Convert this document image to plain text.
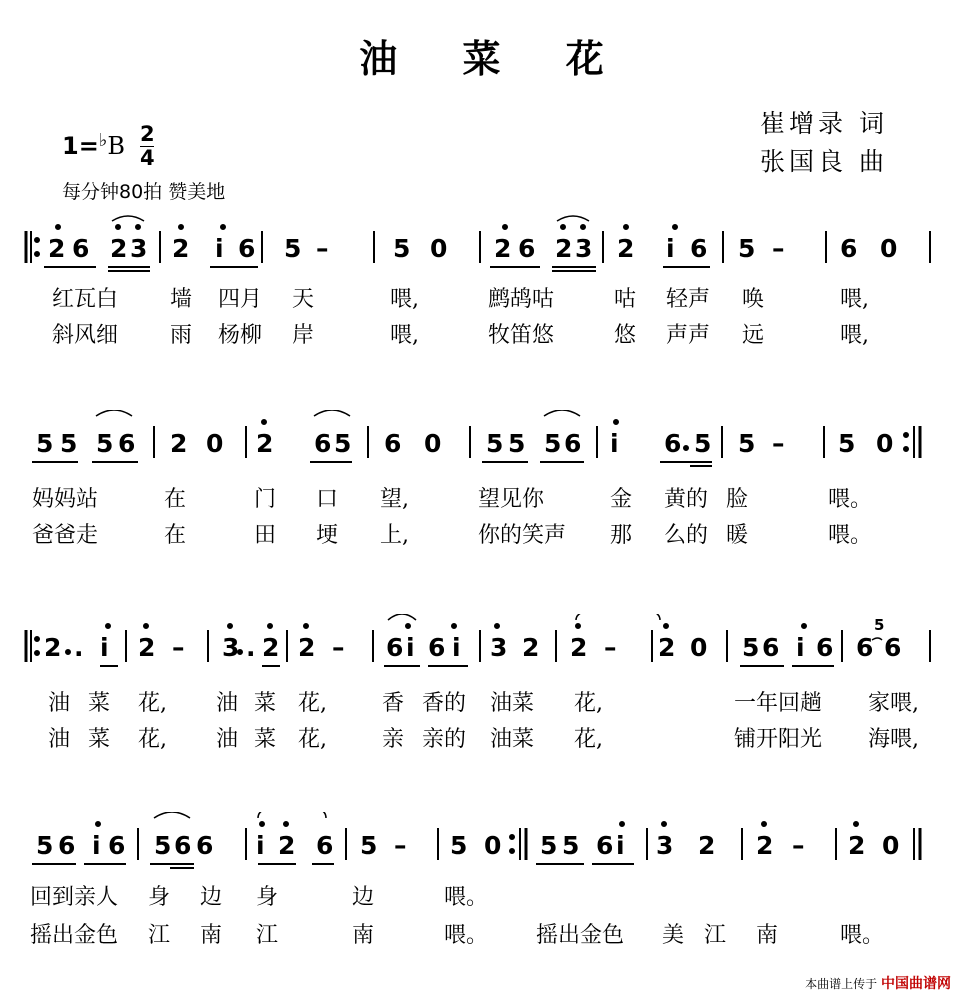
油 菜 花
崔增录 词
张国良 曲
1=♭B 2
4
每分钟80拍 赞美地
2 6 2 3 2 i 6 5 –	5 0 2 6 2 3 2 i 6 5 – 6 0
红瓦白 墙 四月 天	喂,	鹧鸪咕	咕 轻声 唤	喂,
斜风细 雨 杨柳 岸	喂,	牧笛悠	悠 声声 远	喂,
5 5 5 6 2 0 2 6 5 6 0 5 5 5 6 i 6 5 5 – 5 0
妈妈站	在	门 口 望,	望见你	金 黄的 脸	喂。
爸爸走	在	田 埂 上,	你的笑声 那 么的 暖	喂。
2 . i 2 – 3 . 2 2 – 6 i 6 i 3 2 2 – 2 0 5 6 i 6 6 6
5
油 菜 花, 油 菜 花,	香 香的 油菜 花,	一年回趟 家喂,
油 菜 花, 油 菜 花,	亲 亲的 油菜 花,	铺开阳光 海喂,
5 6 i 6 5 6 6 i 2 6 5 – 5 0 5 5 6 i 3 2 2 – 2 0
回到亲人 身 边 身	边	喂。
摇出金色 江 南 江	南	喂。 摇出金色 美 江 南	喂。
本曲谱上传于 中国曲谱网
